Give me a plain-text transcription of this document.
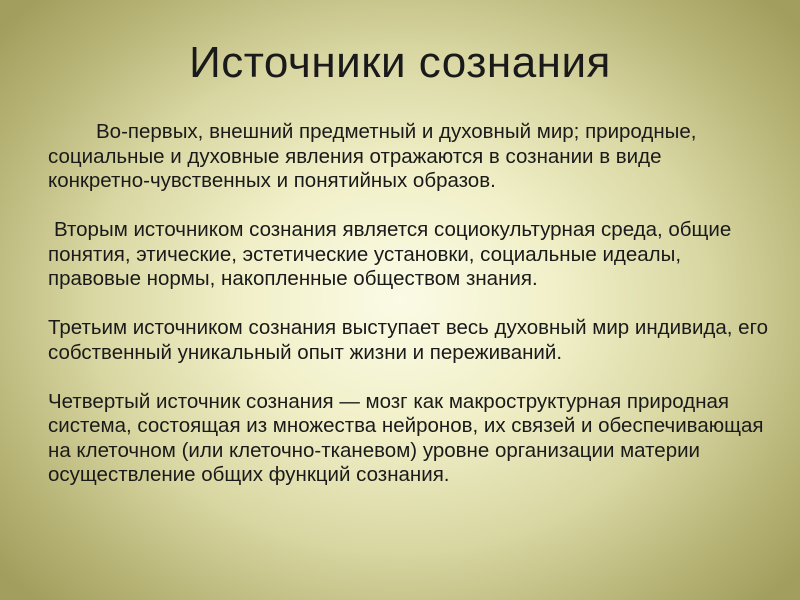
Источники сознания

Во-первых, внешний предметный и духовный мир; природные, социальные и духовные явления отражаются в сознании в виде конкретно-чувственных и понятийных образов.

Вторым источником сознания является социокультурная среда, общие понятия, этические, эстетические установки, социальные идеалы, правовые нормы, накопленные обществом знания.

Третьим источником сознания выступает весь духовный мир индивида, его собственный уникальный опыт жизни и переживаний.

Четвертый источник сознания — мозг как макроструктурная природная система, состоящая из множества нейронов, их связей и обеспечивающая на клеточном (или клеточно-тканевом) уровне организации материи осуществление общих функций сознания.
